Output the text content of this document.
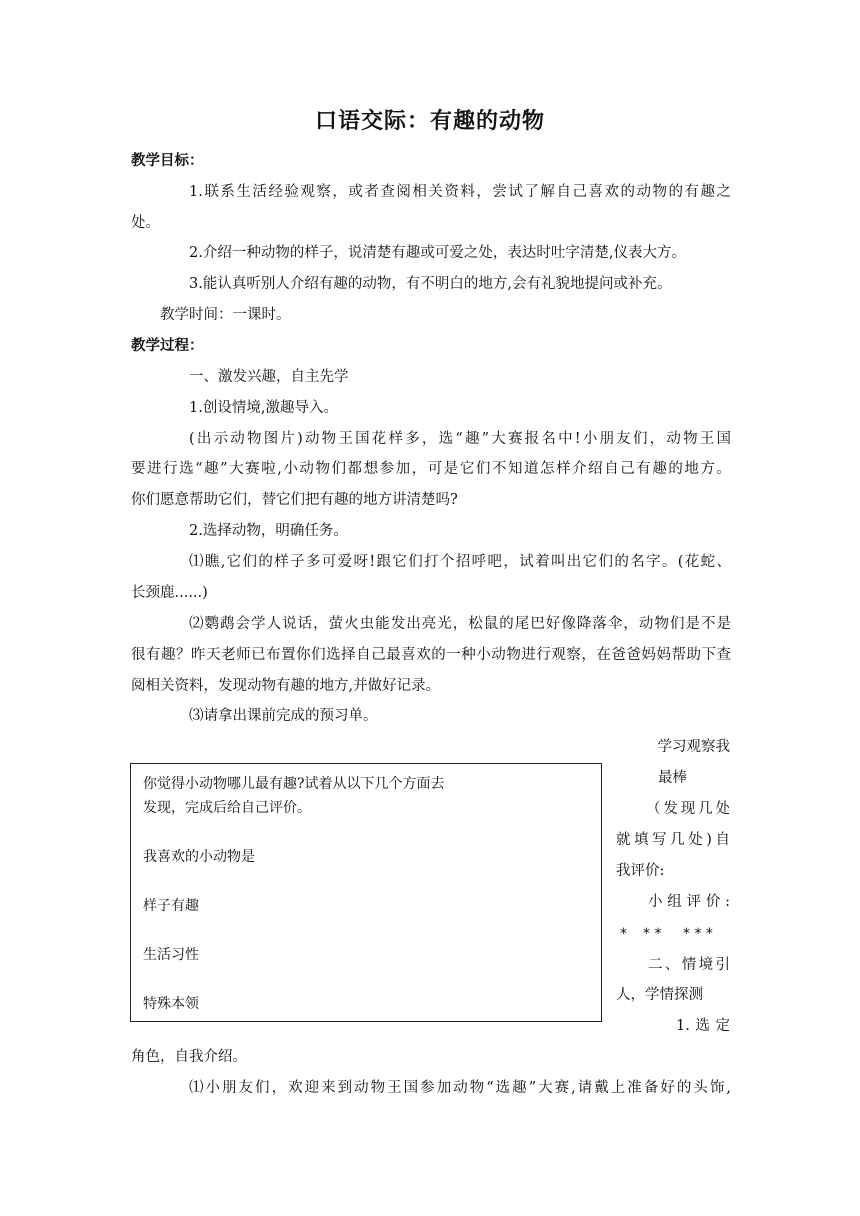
口语交际：有趣的动物
教学目标：
1.联系生活经验观察，或者查阅相关资料，尝试了解自己喜欢的动物的有趣之
处。
2.介绍一种动物的样子，说清楚有趣或可爱之处，表达时吐字清楚,仪表大方。
3.能认真听别人介绍有趣的动物，有不明白的地方,会有礼貌地提问或补充。
教学时间：一课时。
教学过程：
一、激发兴趣，自主先学
1.创设情境,激趣导入。
(出示动物图片)动物王国花样多，选“趣”大赛报名中!小朋友们，动物王国
要进行选“趣”大赛啦,小动物们都想参加，可是它们不知道怎样介绍自己有趣的地方。
你们愿意帮助它们，替它们把有趣的地方讲清楚吗?
2.选择动物，明确任务。
⑴瞧,它们的样子多可爱呀!跟它们打个招呼吧，试着叫出它们的名字。(花蛇、
长颈鹿......)
⑵鹦鹉会学人说话，萤火虫能发出亮光，松鼠的尾巴好像降落伞，动物们是不是
很有趣？昨天老师已布置你们选择自己最喜欢的一种小动物进行观察，在爸爸妈妈帮助下查
阅相关资料，发现动物有趣的地方,并做好记录。
⑶请拿出课前完成的预习单。
你觉得小动物哪儿最有趣?试着从以下几个方面去
发现，完成后给自己评价。
我喜欢的小动物是
样子有趣
生活习性
特殊本领
学习观察我
最棒
（发现几处
就填写几处)自
我评价:
小组评价:
* * * * * *
二、情境引
人，学情探测
1.选定
角色，自我介绍。
⑴小朋友们，欢迎来到动物王国参加动物“选趣”大赛,请戴上准备好的头饰,
